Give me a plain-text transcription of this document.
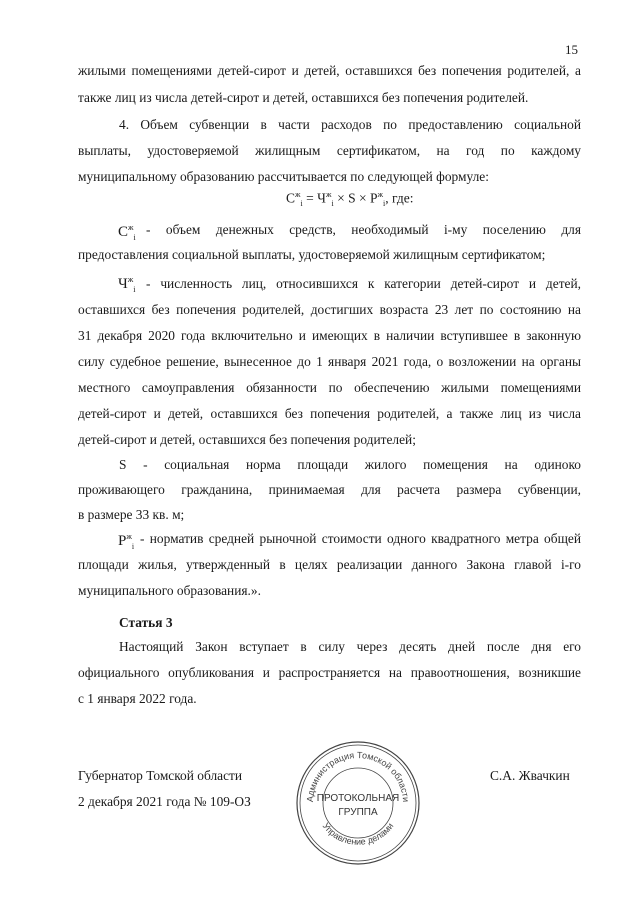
15
жилыми помещениями детей-сирот и детей, оставшихся без попечения родителей, а
также лиц из числа детей-сирот и детей, оставшихся без попечения родителей.
4. Объем субвенции в части расходов по предоставлению социальной
выплаты, удостоверяемой жилищным сертификатом, на год по каждому
муниципальному образованию рассчитывается по следующей формуле:
$С^ж_i = Ч^ж_i \times S \times Р^ж_i$, где:
$С^ж_i$
- объем денежных средств, необходимый i-му поселению для
предоставления социальной выплаты, удостоверяемой жилищным сертификатом;
$Ч^ж_i$ - численность лиц, относившихся к категории детей-сирот и детей,
оставшихся без попечения родителей, достигших возраста 23 лет по состоянию на
31 декабря 2020 года включительно и имеющих в наличии вступившее в законную
силу судебное решение, вынесенное до 1 января 2021 года, о возложении на органы
местного самоуправления обязанности по обеспечению жилыми помещениями
детей-сирот и детей, оставшихся без попечения родителей, а также лиц из числа
детей-сирот и детей, оставшихся без попечения родителей;
S - социальная норма площади жилого помещения на одиноко
проживающего гражданина, принимаемая для расчета размера субвенции,
в размере 33 кв. м;
$Р^ж_i$
- норматив средней рыночной стоимости одного квадратного метра общей
площади жилья, утвержденный в целях реализации данного Закона главой i-го
муниципального образования.».
Статья 3
Настоящий Закон вступает в силу через десять дней после дня его
официального опубликования и распространяется на правоотношения, возникшие
с 1 января 2022 года.
Губернатор Томской области
2 декабря 2021 года № 109-ОЗ
С.А. Жвачкин
Администрация Томской области
Управление делами
ПРОТОКОЛЬНАЯ
ГРУППА
